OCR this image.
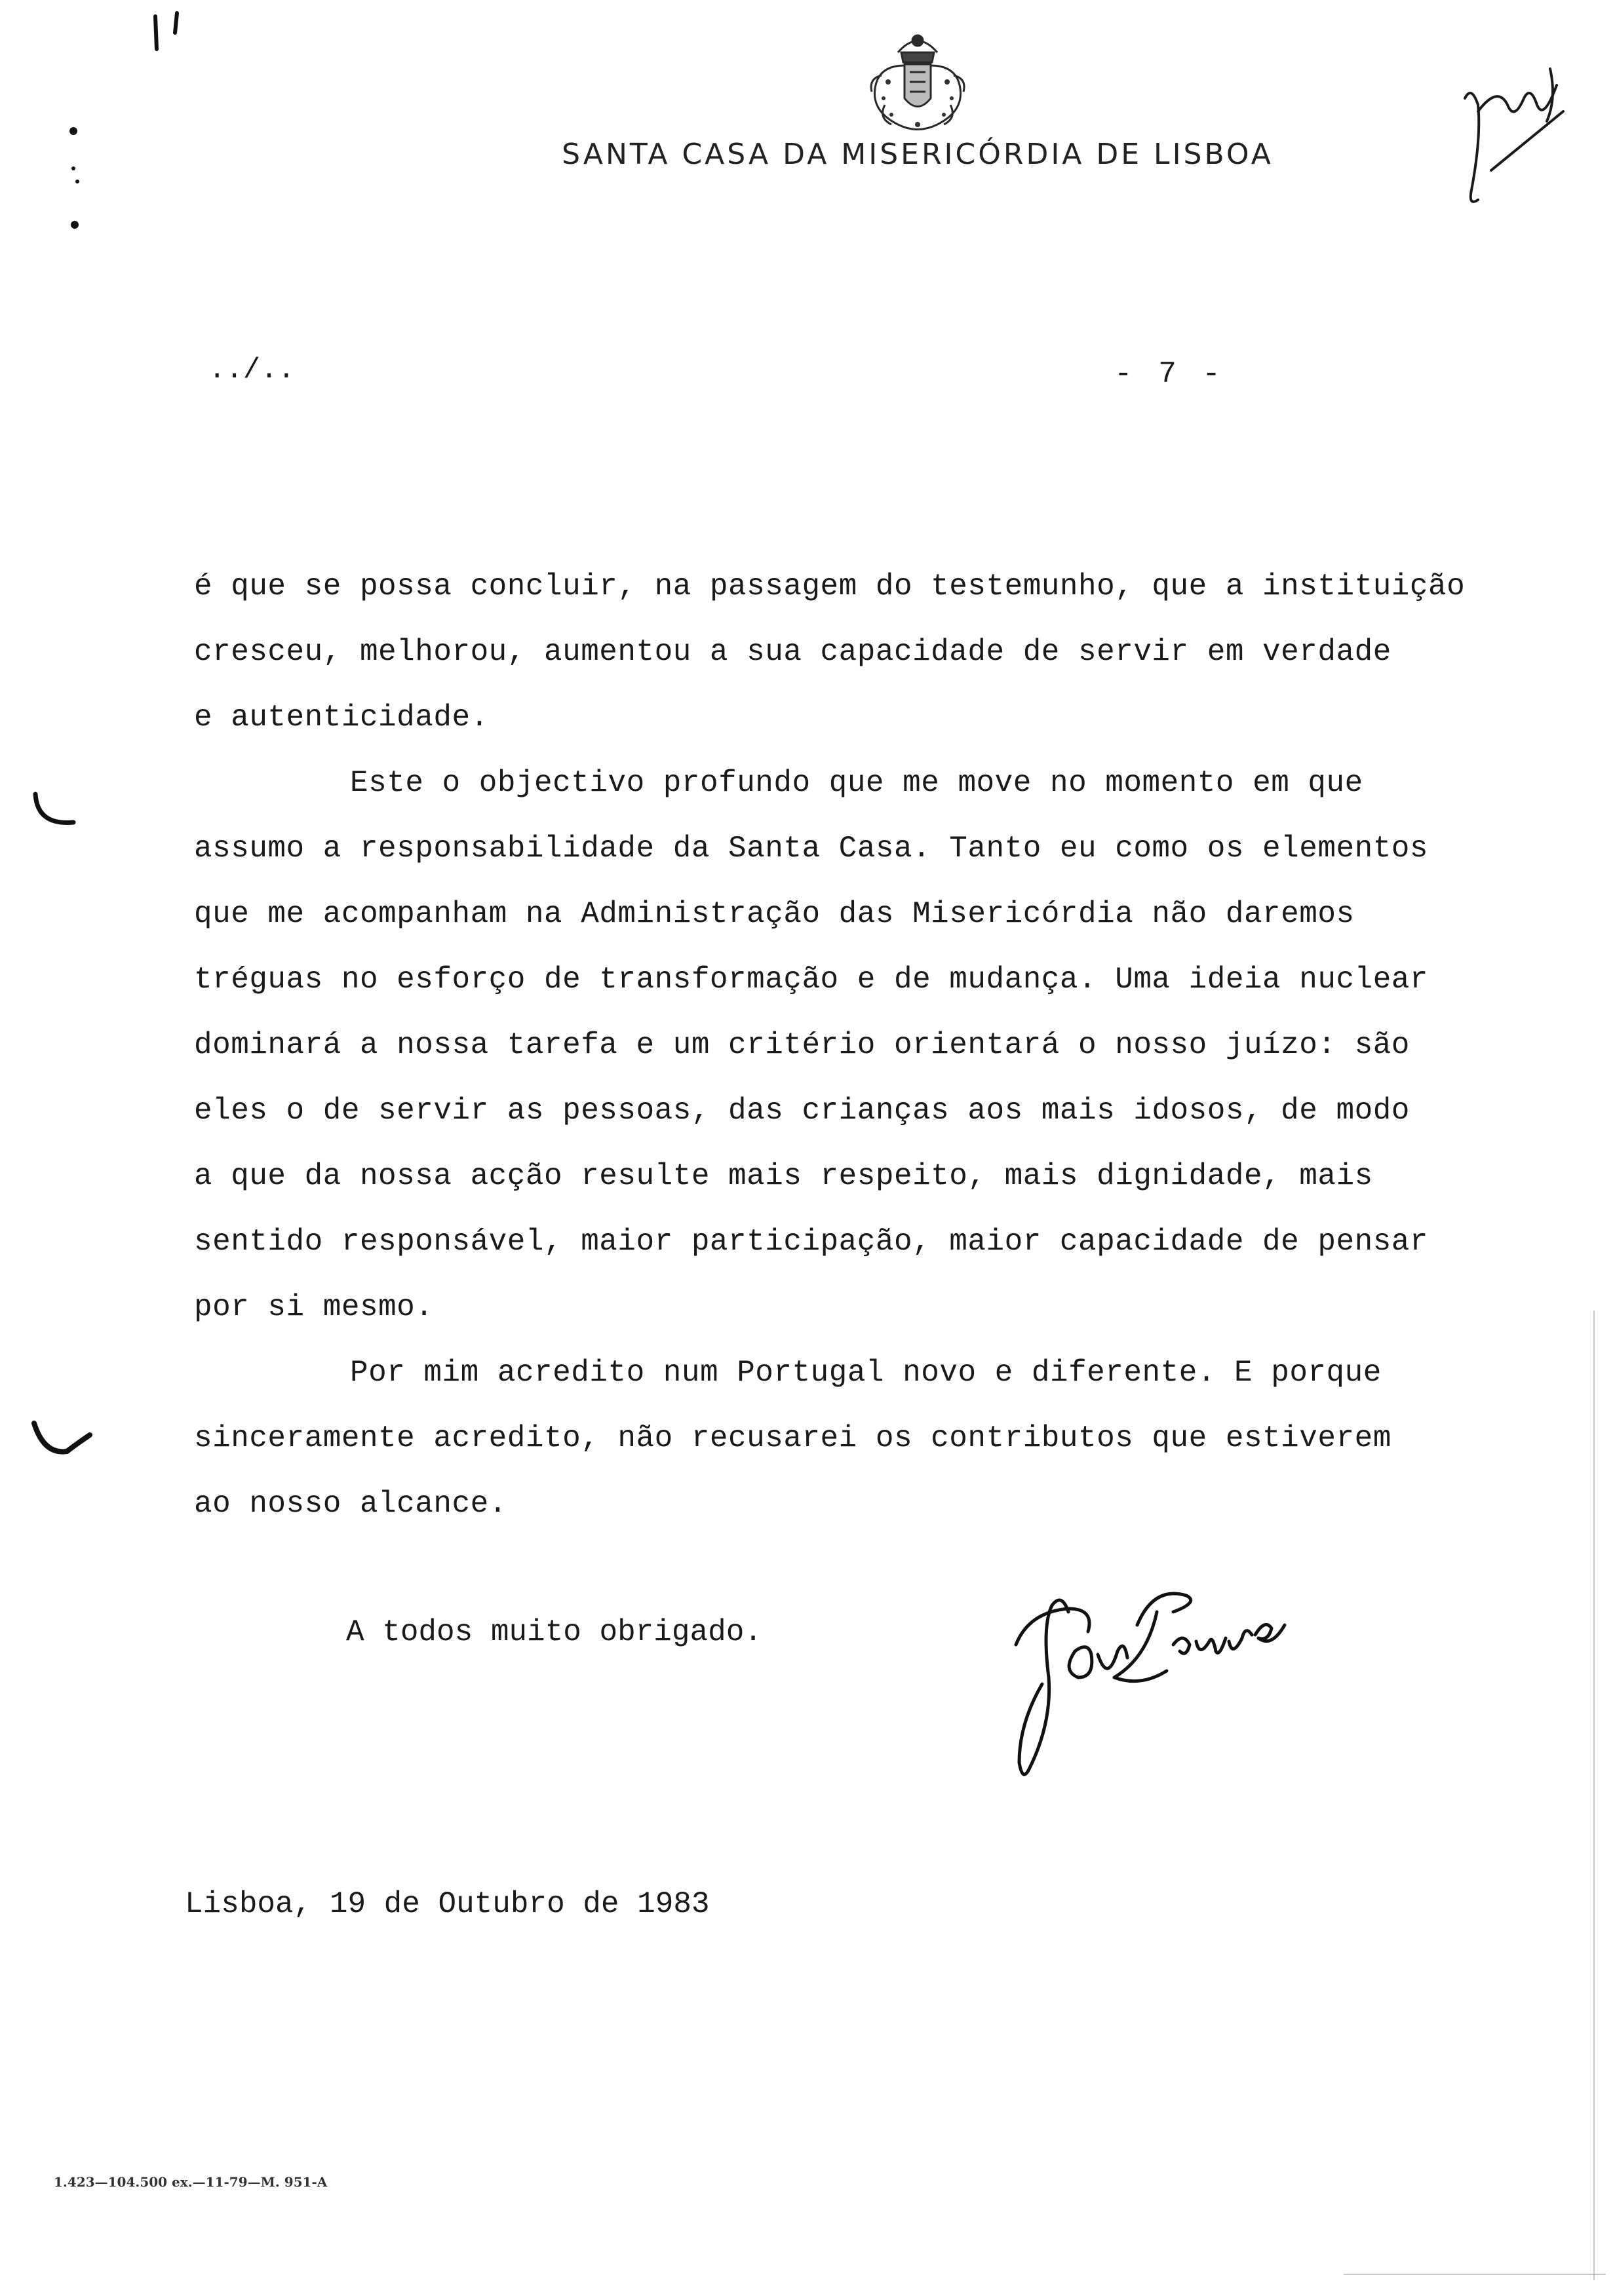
SANTA CASA DA MISERICÓRDIA DE LISBOA
../..	- 7 -
é que se possa concluir, na passagem do testemunho, que a instituição
cresceu, melhorou, aumentou a sua capacidade de servir em verdade
e autenticidade.
Este o objectivo profundo que me move no momento em que
assumo a responsabilidade da Santa Casa. Tanto eu como os elementos
que me acompanham na Administração das Misericórdia não daremos
tréguas no esforço de transformação e de mudança. Uma ideia nuclear
dominará a nossa tarefa e um critério orientará o nosso juízo: são
eles o de servir as pessoas, das crianças aos mais idosos, de modo
a que da nossa acção resulte mais respeito, mais dignidade, mais
sentido responsável, maior participação, maior capacidade de pensar
por si mesmo.
Por mim acredito num Portugal novo e diferente. E porque
sinceramente acredito, não recusarei os contributos que estiverem
ao nosso alcance.
A todos muito obrigado.
Lisboa, 19 de Outubro de 1983
1.423—104.500 ex.—11-79—M. 951-A
